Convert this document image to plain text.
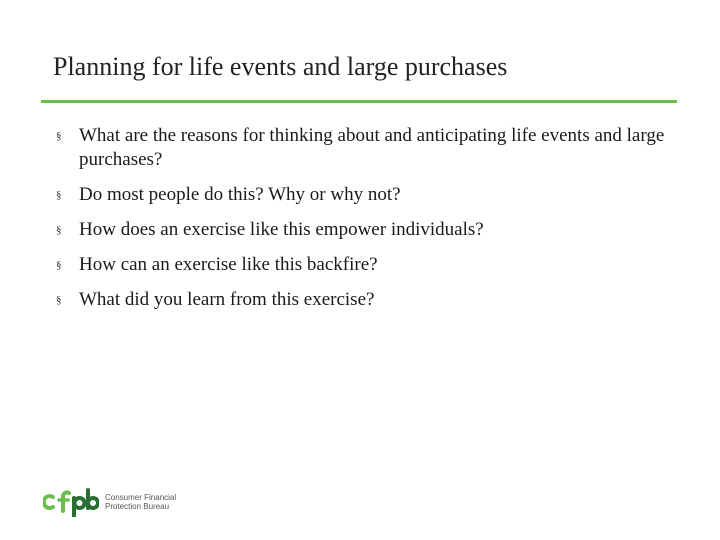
Planning for life events and large purchases
§ What are the reasons for thinking about and anticipating life events and large purchases?
§ Do most people do this? Why or why not?
§ How does an exercise like this empower individuals?
§ How can an exercise like this backfire?
§ What did you learn from this exercise?
Consumer Financial
Protection Bureau
